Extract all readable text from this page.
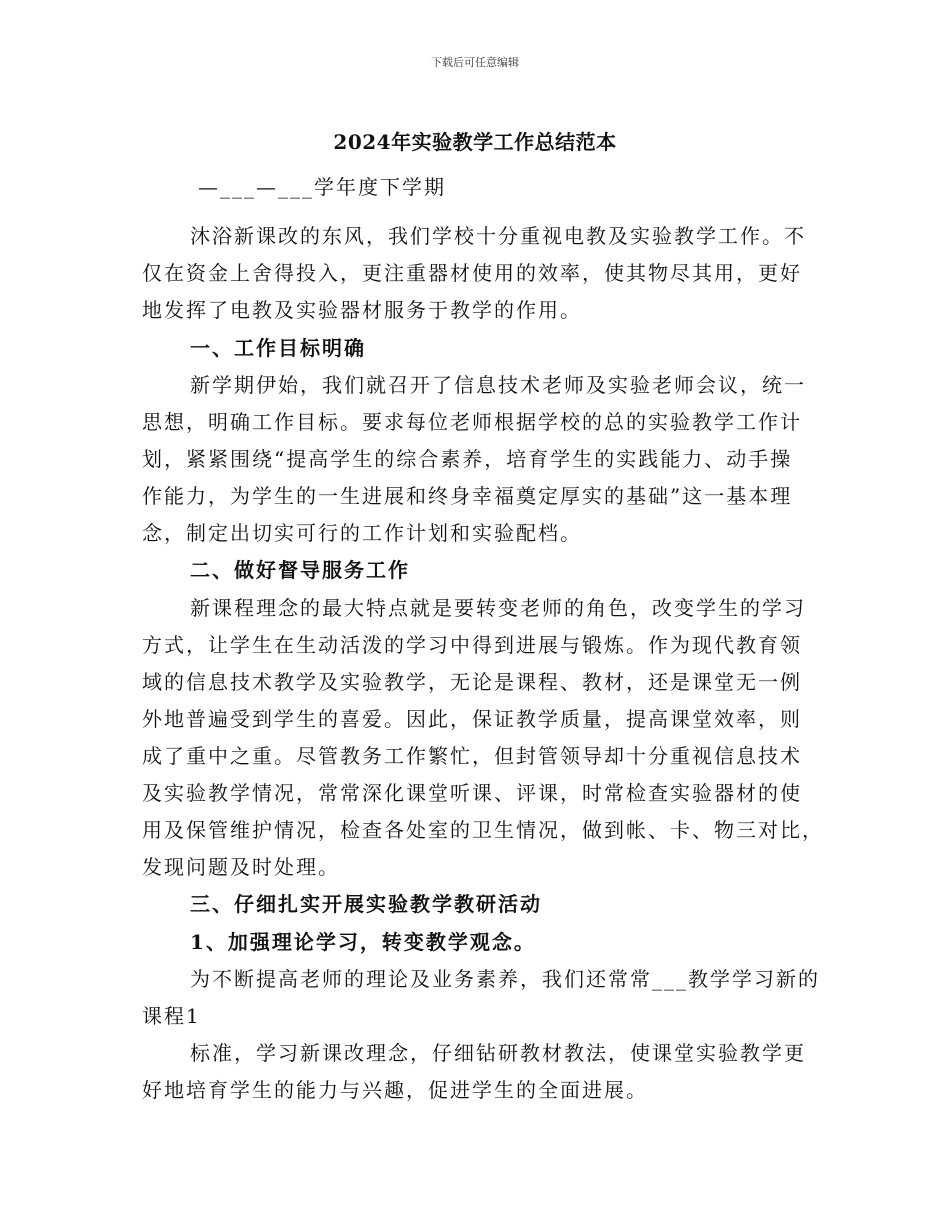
下载后可任意编辑
2024年实验教学工作总结范本
—___—___学年度下学期
沐浴新课改的东风，我们学校十分重视电教及实验教学工作。不
仅在资金上舍得投入，更注重器材使用的效率，使其物尽其用，更好
地发挥了电教及实验器材服务于教学的作用。
一、工作目标明确
新学期伊始，我们就召开了信息技术老师及实验老师会议，统一
思想，明确工作目标。要求每位老师根据学校的总的实验教学工作计
划，紧紧围绕“提高学生的综合素养，培育学生的实践能力、动手操
作能力，为学生的一生进展和终身幸福奠定厚实的基础”这一基本理
念，制定出切实可行的工作计划和实验配档。
二、做好督导服务工作
新课程理念的最大特点就是要转变老师的角色，改变学生的学习
方式，让学生在生动活泼的学习中得到进展与锻炼。作为现代教育领
域的信息技术教学及实验教学，无论是课程、教材，还是课堂无一例
外地普遍受到学生的喜爱。因此，保证教学质量，提高课堂效率，则
成了重中之重。尽管教务工作繁忙，但封管领导却十分重视信息技术
及实验教学情况，常常深化课堂听课、评课，时常检查实验器材的使
用及保管维护情况，检查各处室的卫生情况，做到帐、卡、物三对比，
发现问题及时处理。
三、仔细扎实开展实验教学教研活动
1、加强理论学习，转变教学观念。
为不断提高老师的理论及业务素养，我们还常常___教学学习新的
课程1
标准，学习新课改理念，仔细钻研教材教法，使课堂实验教学更
好地培育学生的能力与兴趣，促进学生的全面进展。
